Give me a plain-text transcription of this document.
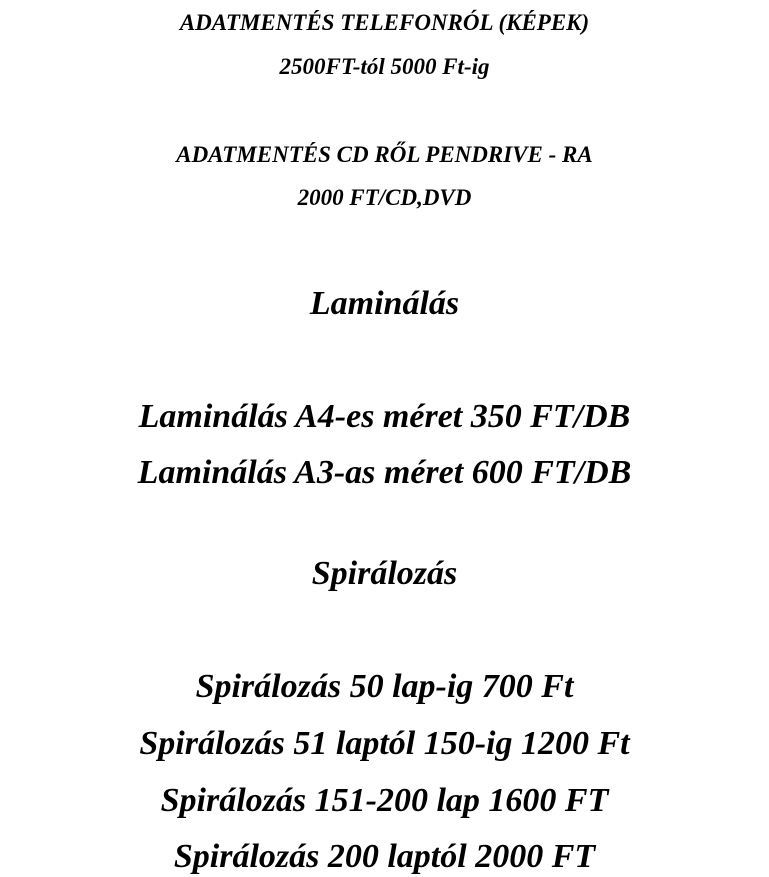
ADATMENTÉS TELEFONRÓL (KÉPEK)
2500FT-tól 5000 Ft-ig
ADATMENTÉS CD RŐL PENDRIVE - RA
2000 FT/CD,DVD
Laminálás
Laminálás A4-es méret 350 FT/DB
Laminálás A3-as méret 600 FT/DB
Spirálozás
Spirálozás 50 lap-ig 700 Ft
Spirálozás 51 laptól 150-ig 1200 Ft
Spirálozás 151-200 lap 1600 FT
Spirálozás 200 laptól 2000 FT
